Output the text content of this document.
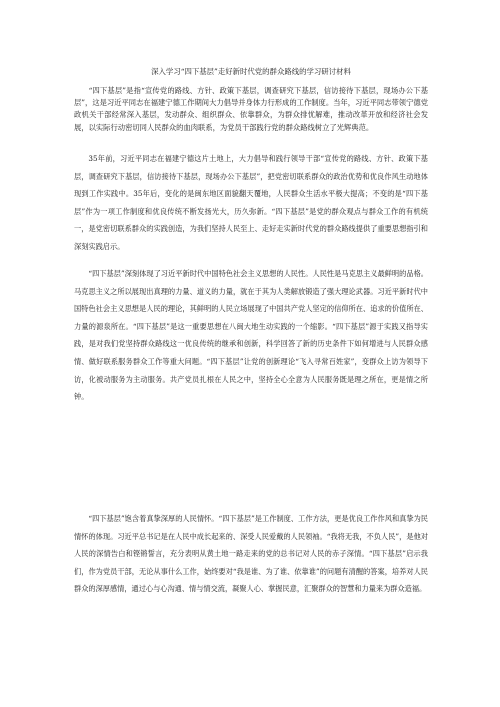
深入学习“四下基层”走好新时代党的群众路线的学习研讨材料

“四下基层”是指“宣传党的路线、方针、政策下基层，调查研究下基层，信访接待下基层，现场办公下基层”，这是习近平同志在福建宁德工作期间大力倡导并身体力行形成的工作制度。当年，习近平同志带领宁德党政机关干部经常深入基层，发动群众、组织群众、依靠群众，为群众排忧解难，推动改革开放和经济社会发展，以实际行动密切同人民群众的血肉联系，为党员干部践行党的群众路线树立了光辉典范。

35年前，习近平同志在福建宁德这片土地上，大力倡导和践行领导干部“宣传党的路线、方针、政策下基层，调查研究下基层，信访接待下基层，现场办公下基层”，把党密切联系群众的政治优势和优良作风生动地体现到工作实践中。35年后，变化的是闽东地区面貌翻天覆地，人民群众生活水平极大提高；不变的是“四下基层”作为一项工作制度和优良传统不断发扬光大，历久弥新。“四下基层”是党的群众观点与群众工作的有机统一，是党密切联系群众的实践创造，为我们坚持人民至上、走好走实新时代党的群众路线提供了重要思想指引和深刻实践启示。

“四下基层”深刻体现了习近平新时代中国特色社会主义思想的人民性。人民性是马克思主义最鲜明的品格。马克思主义之所以展现出真理的力量、道义的力量，就在于其为人类解放锻造了强大理论武器。习近平新时代中国特色社会主义思想是人民的理论，其鲜明的人民立场展现了中国共产党人坚定的信仰所在、追求的价值所在、力量的源泉所在。“四下基层”是这一重要思想在八闽大地生动实践的一个缩影。“四下基层”源于实践又指导实践，是对我们党坚持群众路线这一优良传统的继承和创新，科学回答了新的历史条件下如何增进与人民群众感情、做好联系服务群众工作等重大问题。“四下基层”让党的创新理论“飞入寻常百姓家”，变群众上访为领导下访，化被动服务为主动服务。共产党员扎根在人民之中，坚持全心全意为人民服务既是理之所在，更是情之所钟。

“四下基层”饱含着真挚深厚的人民情怀。“四下基层”是工作制度、工作方法，更是优良工作作风和真挚为民情怀的体现。习近平总书记是在人民中成长起来的、深受人民爱戴的人民领袖。“我将无我，不负人民”，是他对人民的深情告白和铿锵誓言，充分表明从黄土地一路走来的党的总书记对人民的赤子深情。“四下基层”启示我们，作为党员干部，无论从事什么工作，始终要对“我是谁、为了谁、依靠谁”的问题有清醒的答案，培养对人民群众的深厚感情，通过心与心沟通、情与情交流，凝聚人心、掌握民意，汇聚群众的智慧和力量来为群众造福。
